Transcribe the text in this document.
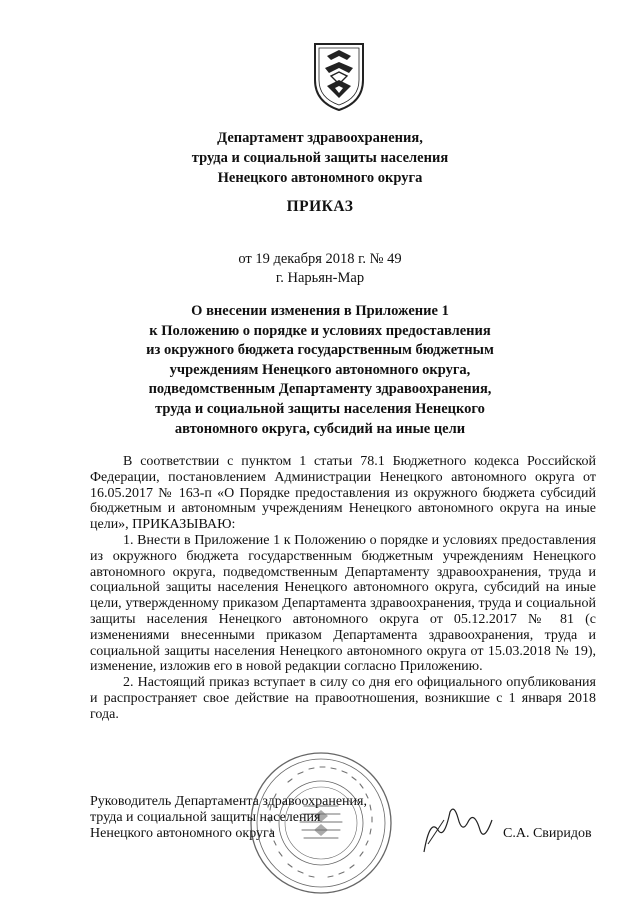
Департамент здравоохранения,
труда и социальной защиты населения
Ненецкого автономного округа
ПРИКАЗ
от 19 декабря 2018 г. № 49
г. Нарьян-Мар
О внесении изменения в Приложение 1
к Положению о порядке и условиях предоставления
из окружного бюджета государственным бюджетным
учреждениям Ненецкого автономного округа,
подведомственным Департаменту здравоохранения,
труда и социальной защиты населения Ненецкого
автономного округа, субсидий на иные цели

В соответствии с пунктом 1 статьи 78.1 Бюджетного кодекса Российской Федерации, постановлением Администрации Ненецкого автономного округа от 16.05.2017 № 163-п «О Порядке предоставления из окружного бюджета субсидий бюджетным и автономным учреждениям Ненецкого автономного округа на иные цели», ПРИКАЗЫВАЮ:

1. Внести в Приложение 1 к Положению о порядке и условиях предоставления из окружного бюджета государственным бюджетным учреждениям Ненецкого автономного округа, подведомственным Департаменту здравоохранения, труда и социальной защиты населения Ненецкого автономного округа, субсидий на иные цели, утвержденному приказом Департамента здравоохранения, труда и социальной защиты населения Ненецкого автономного округа от 05.12.2017 № 81 (с изменениями внесенными приказом Департамента здравоохранения, труда и социальной защиты населения Ненецкого автономного округа от 15.03.2018 № 19), изменение, изложив его в новой редакции согласно Приложению.

2. Настоящий приказ вступает в силу со дня его официального опубликования и распространяет свое действие на правоотношения, возникшие с 1 января 2018 года.

Руководитель Департамента здравоохранения,
труда и социальной защиты населения
Ненецкого автономного округа	С.А. Свиридов
